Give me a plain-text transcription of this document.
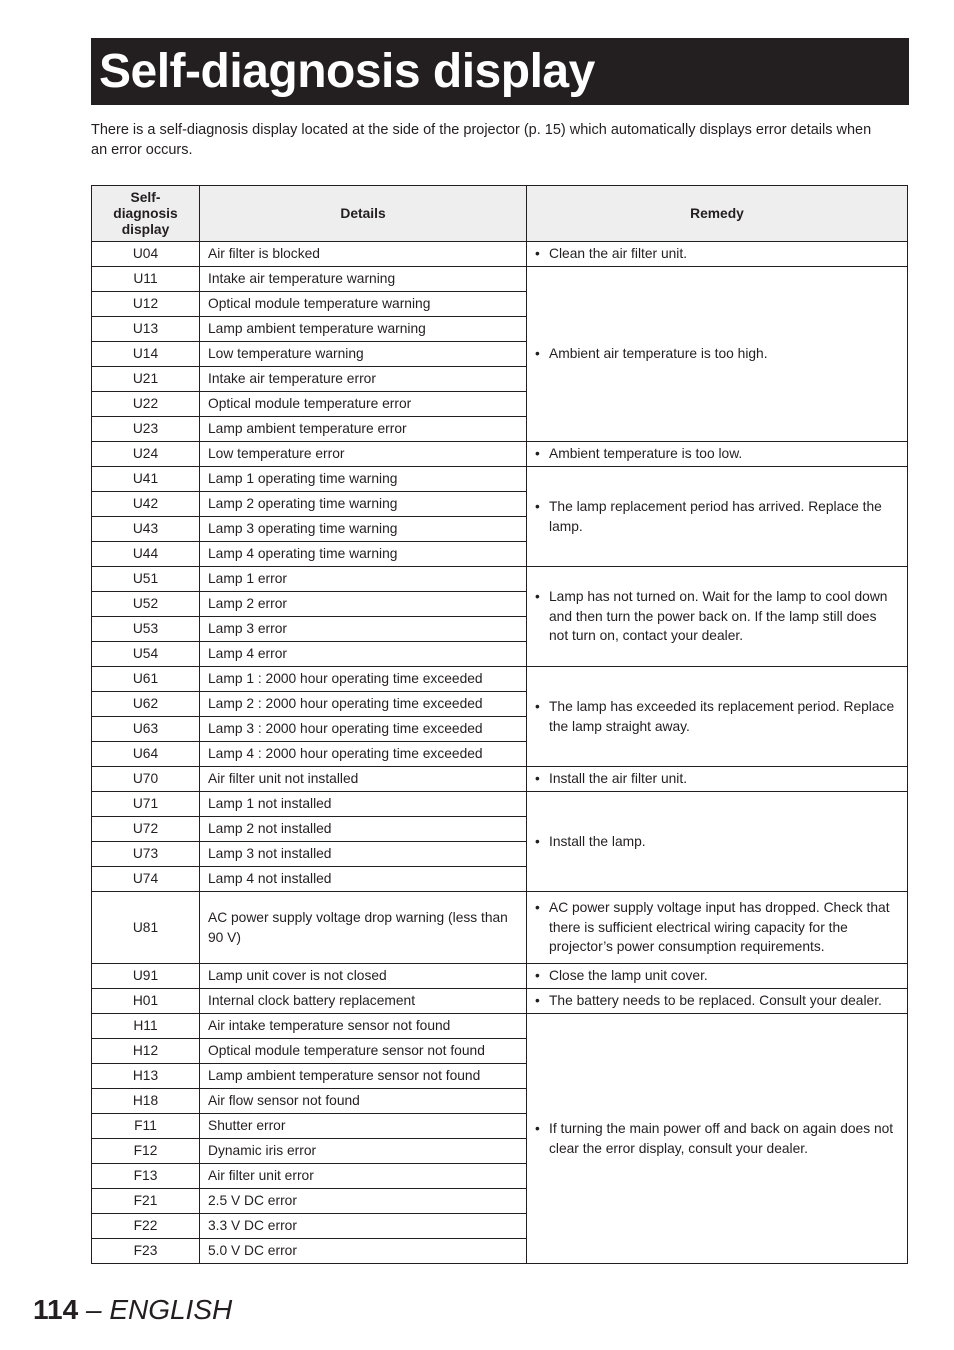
Self-diagnosis display

There is a self-diagnosis display located at the side of the projector (p. 15) which automatically displays error details when an error occurs.

Self-diagnosis display	Details	Remedy
U04	Air filter is blocked	• Clean the air filter unit.

U11	Intake air temperature warning	• Ambient air temperature is too high.

U12	Optical module temperature warning	
U13	Lamp ambient temperature warning	
U14	Low temperature warning	
U21	Intake air temperature error	
U22	Optical module temperature error	
U23	Lamp ambient temperature error	
U24	Low temperature error	• Ambient temperature is too low.

U41	Lamp 1 operating time warning	• The lamp replacement period has arrived. Replace the lamp.

U42	Lamp 2 operating time warning	
U43	Lamp 3 operating time warning	
U44	Lamp 4 operating time warning	
U51	Lamp 1 error	• Lamp has not turned on. Wait for the lamp to cool down and then turn the power back on. If the lamp still does not turn on, contact your dealer.

U52	Lamp 2 error	
U53	Lamp 3 error	
U54	Lamp 4 error	
U61	Lamp 1 : 2000 hour operating time exceeded	• The lamp has exceeded its replacement period. Replace the lamp straight away.

U62	Lamp 2 : 2000 hour operating time exceeded	
U63	Lamp 3 : 2000 hour operating time exceeded	
U64	Lamp 4 : 2000 hour operating time exceeded	
U70	Air filter unit not installed	• Install the air filter unit.

U71	Lamp 1 not installed	• Install the lamp.

U72	Lamp 2 not installed	
U73	Lamp 3 not installed	
U74	Lamp 4 not installed	
U81	AC power supply voltage drop warning (less than 90 V)	• AC power supply voltage input has dropped. Check that there is sufficient electrical wiring capacity for the projector’s power consumption requirements.

U91	Lamp unit cover is not closed	• Close the lamp unit cover.

H01	Internal clock battery replacement	• The battery needs to be replaced. Consult your dealer.

H11	Air intake temperature sensor not found	• If turning the main power off and back on again does not clear the error display, consult your dealer.

H12	Optical module temperature sensor not found	
H13	Lamp ambient temperature sensor not found	
H18	Air flow sensor not found	
F11	Shutter error	
F12	Dynamic iris error	
F13	Air filter unit error	
F21	2.5 V DC error	
F22	3.3 V DC error	
F23	5.0 V DC error	
114 – ENGLISH
